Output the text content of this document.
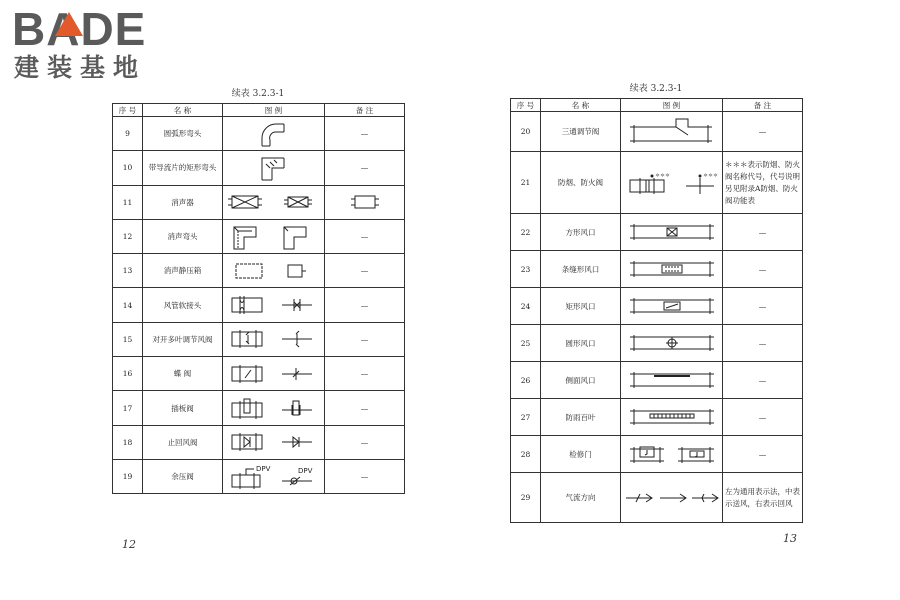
BADE
建装基地
续表 3.2.3-1
序 号	名 称	图 例	备 注
9	圆弧形弯头		—
10	带导流片的矩形弯头		—
11	消声器	

12	消声弯头		—
13	消声静压箱		—
14	风管软接头		—
15	对开多叶调节风阀		—
16	蝶 阀		—
17	插板阀		—
18	止回风阀		—
19	余压阀	DPV DPV	—
12
续表 3.2.3-1
序 号	名 称	图 例	备 注
20	三通调节阀		—
21	防烟、防火阀	＊＊＊ ＊＊＊	＊＊＊表示防烟、防火阀名称代号，代号说明另见附录A防烟、防火阀功能表
22	方形风口		—
23	条缝形风口		—
24	矩形风口		—
25	圆形风口		—
26	侧面风口		—
27	防雨百叶		—
28	检修门		—
29	气流方向		左为通用表示法，中表示送风，右表示回风
13
